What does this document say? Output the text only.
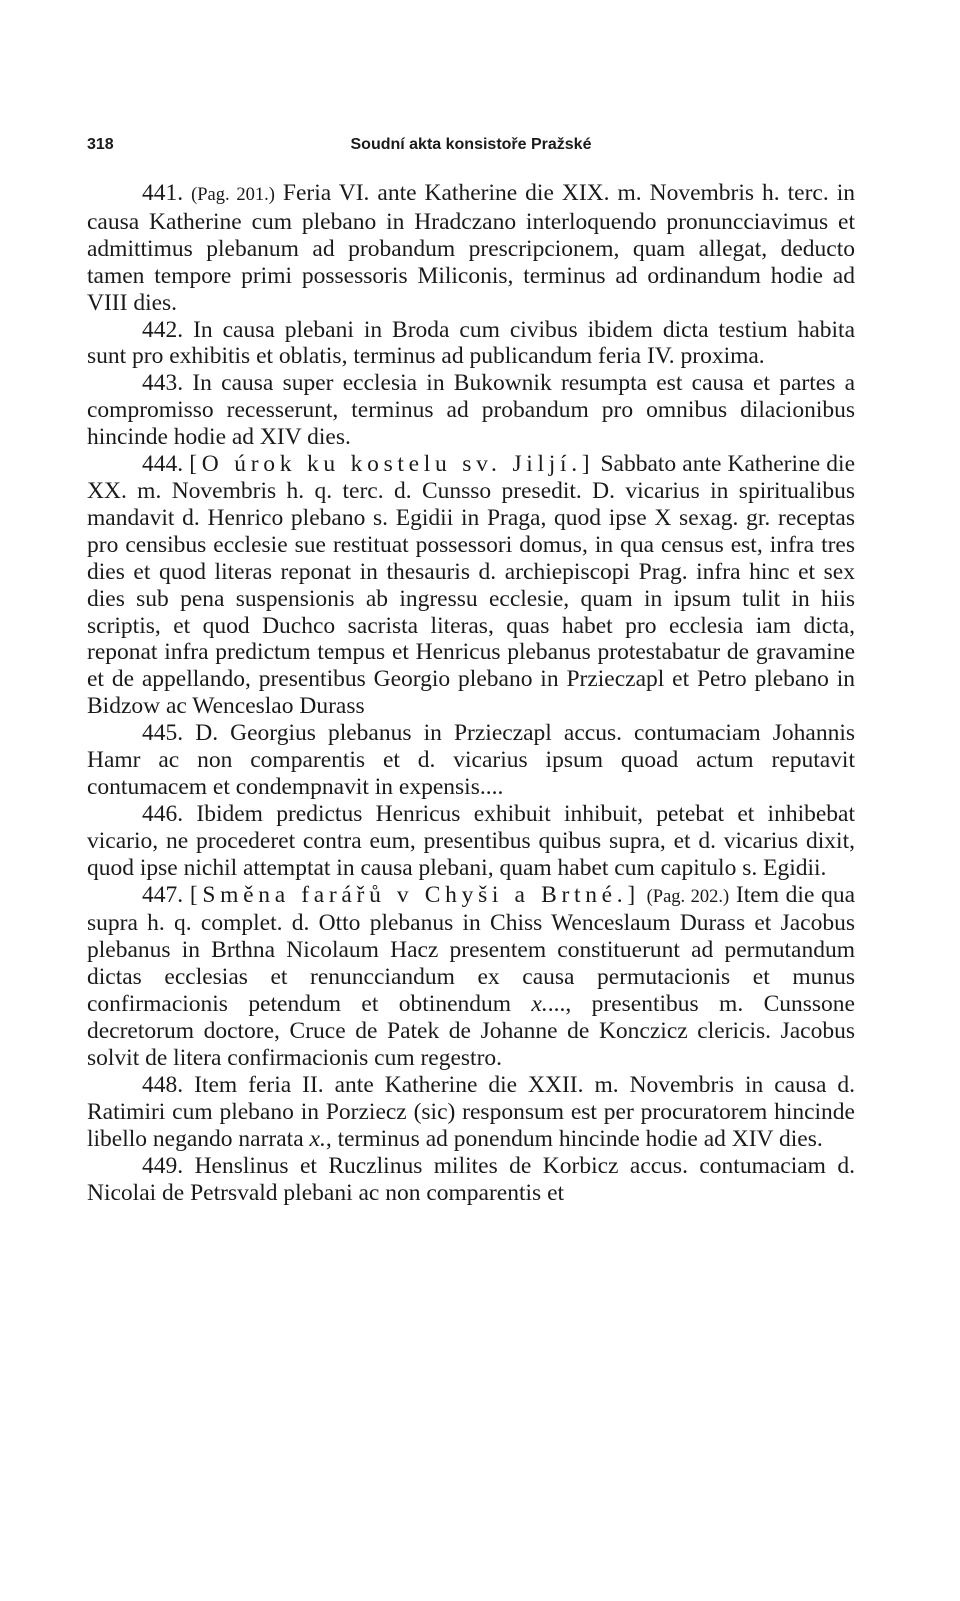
318	Soudní akta konsistoře Pražské

441. (Pag. 201.) Feria VI. ante Katherine die XIX. m. Novembris h. terc. in causa Katherine cum plebano in Hradczano interloquendo pronuncciavimus et admittimus plebanum ad probandum prescripcionem, quam allegat, deducto tamen tempore primi possessoris Miliconis, terminus ad ordinandum hodie ad VIII dies.

442. In causa plebani in Broda cum civibus ibidem dicta testium habita sunt pro exhibitis et oblatis, terminus ad publicandum feria IV. proxima.

443. In causa super ecclesia in Bukownik resumpta est causa et partes a compromisso recesserunt, terminus ad probandum pro omnibus dilacionibus hincinde hodie ad XIV dies.

444. [O úrok ku kostelu sv. Jiljí.] Sabbato ante Katherine die XX. m. Novembris h. q. terc. d. Cunsso presedit. D. vicarius in spiritualibus mandavit d. Henrico plebano s. Egidii in Praga, quod ipse X sexag. gr. receptas pro censibus ecclesie sue restituat possessori domus, in qua census est, infra tres dies et quod literas reponat in thesauris d. archiepiscopi Prag. infra hinc et sex dies sub pena suspensionis ab ingressu ecclesie, quam in ipsum tulit in hiis scriptis, et quod Duchco sacrista literas, quas habet pro ecclesia iam dicta, reponat infra predictum tempus et Henricus plebanus protestabatur de gravamine et de appellando, presentibus Georgio plebano in Przieczapl et Petro plebano in Bidzow ac Wenceslao Durass

445. D. Georgius plebanus in Przieczapl accus. contumaciam Johannis Hamr ac non comparentis et d. vicarius ipsum quoad actum reputavit contumacem et condempnavit in expensis....

446. Ibidem predictus Henricus exhibuit inhibuit, petebat et inhibebat vicario, ne procederet contra eum, presentibus quibus supra, et d. vicarius dixit, quod ipse nichil attemptat in causa plebani, quam habet cum capitulo s. Egidii.

447. [Směna farářů v Chyši a Brtné.] (Pag. 202.) Item die qua supra h. q. complet. d. Otto plebanus in Chiss Wenceslaum Durass et Jacobus plebanus in Brthna Nicolaum Hacz presentem constituerunt ad permutandum dictas ecclesias et renuncciandum ex causa permutacionis et munus confirmacionis petendum et obtinendum x...., presentibus m. Cunssone decretorum doctore, Cruce de Patek de Johanne de Konczicz clericis. Jacobus solvit de litera confirmacionis cum regestro.

448. Item feria II. ante Katherine die XXII. m. Novembris in causa d. Ratimiri cum plebano in Porziecz (sic) responsum est per procuratorem hincinde libello negando narrata x., terminus ad ponendum hincinde hodie ad XIV dies.

449. Henslinus et Ruczlinus milites de Korbicz accus. contumaciam d. Nicolai de Petrsvald plebani ac non comparentis et
